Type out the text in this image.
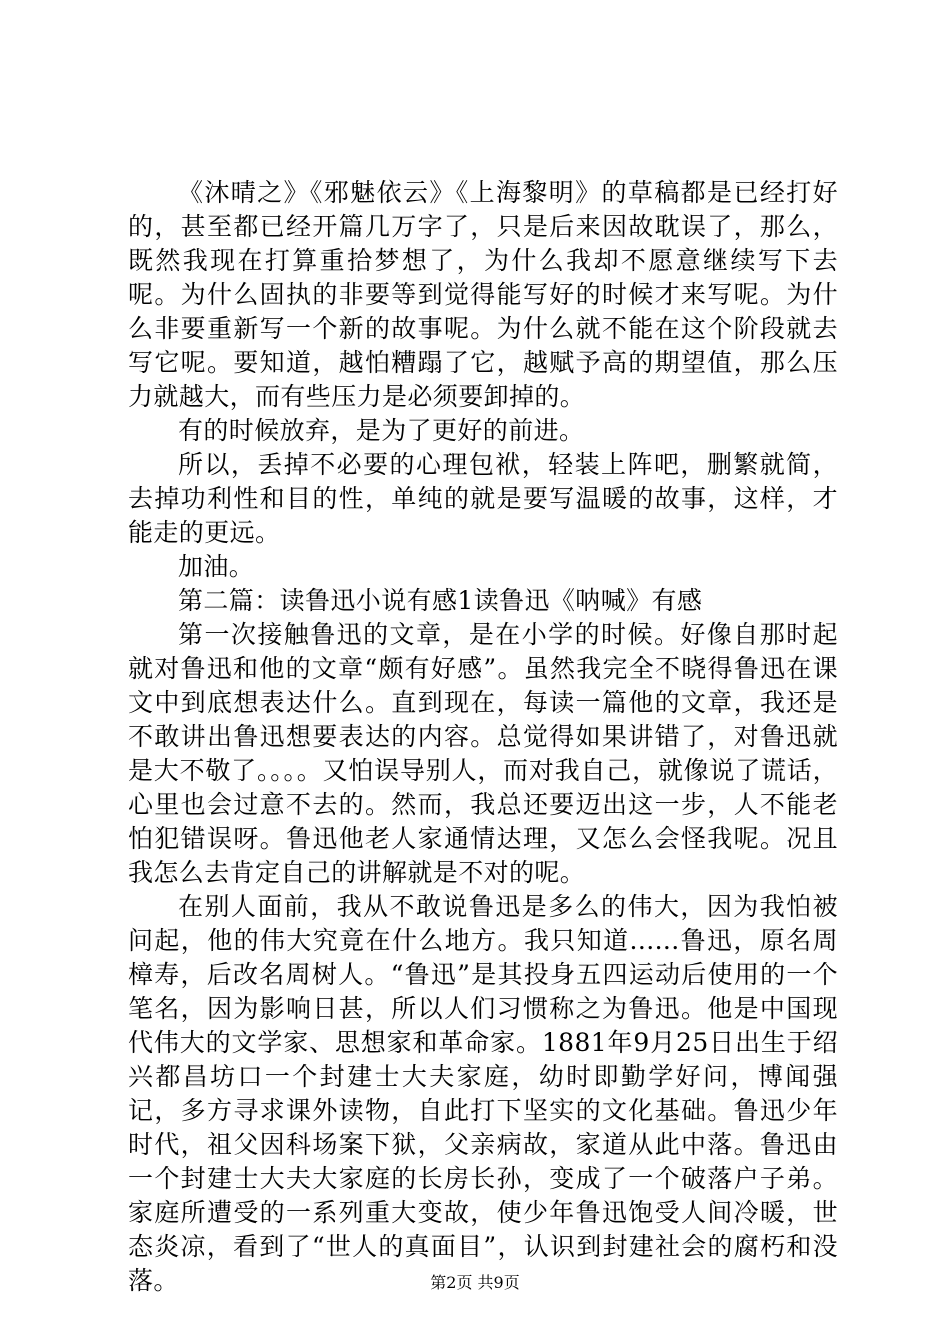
《沐晴之》《邪魅依云》《上海黎明》的草稿都是已经打好的，甚至都已经开篇几万字了，只是后来因故耽误了，那么，既然我现在打算重拾梦想了，为什么我却不愿意继续写下去呢。为什么固执的非要等到觉得能写好的时候才来写呢。为什么非要重新写一个新的故事呢。为什么就不能在这个阶段就去写它呢。要知道，越怕糟蹋了它，越赋予高的期望值，那么压力就越大，而有些压力是必须要卸掉的。

有的时候放弃，是为了更好的前进。

所以，丢掉不必要的心理包袱，轻装上阵吧，删繁就简，去掉功利性和目的性，单纯的就是要写温暖的故事，这样，才能走的更远。

加油。

第二篇：读鲁迅小说有感1读鲁迅《呐喊》有感

第一次接触鲁迅的文章，是在小学的时候。好像自那时起就对鲁迅和他的文章“颇有好感”。虽然我完全不晓得鲁迅在课文中到底想表达什么。直到现在，每读一篇他的文章，我还是不敢讲出鲁迅想要表达的内容。总觉得如果讲错了，对鲁迅就是大不敬了。。。。又怕误导别人，而对我自己，就像说了谎话，心里也会过意不去的。然而，我总还要迈出这一步，人不能老怕犯错误呀。鲁迅他老人家通情达理，又怎么会怪我呢。况且我怎么去肯定自己的讲解就是不对的呢。

在别人面前，我从不敢说鲁迅是多么的伟大，因为我怕被问起，他的伟大究竟在什么地方。我只知道......鲁迅，原名周樟寿，后改名周树人。“鲁迅”是其投身五四运动后使用的一个笔名，因为影响日甚，所以人们习惯称之为鲁迅。他是中国现代伟大的文学家、思想家和革命家。1881年9月25日出生于绍兴都昌坊口一个封建士大夫家庭，幼时即勤学好问，博闻强记，多方寻求课外读物，自此打下坚实的文化基础。鲁迅少年时代，祖父因科场案下狱，父亲病故，家道从此中落。鲁迅由一个封建士大夫大家庭的长房长孙，变成了一个破落户子弟。家庭所遭受的一系列重大变故，使少年鲁迅饱受人间冷暖，世态炎凉，看到了“世人的真面目”，认识到封建社会的腐朽和没落。	第2页 共9页
